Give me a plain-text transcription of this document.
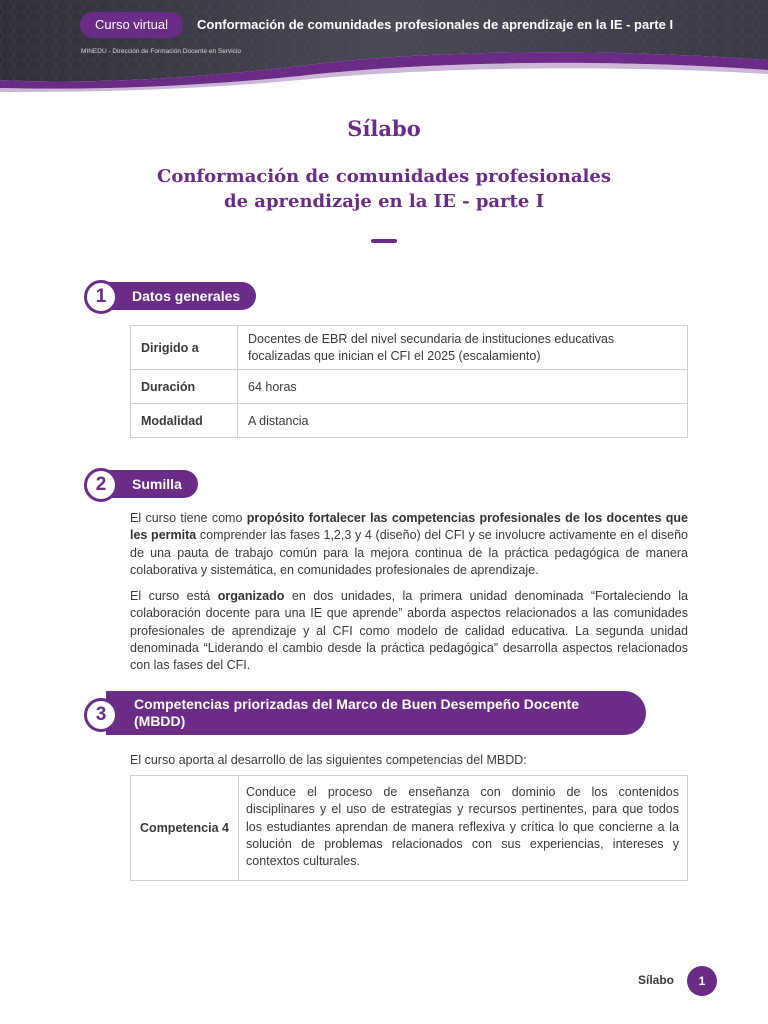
Curso virtual	Conformación de comunidades profesionales de aprendizaje en la IE - parte I
MINEDU - Dirección de Formación Docente en Servicio
Sílabo
Conformación de comunidades profesionales
de aprendizaje en la IE - parte I
1	Datos generales
Dirigido a	Docentes de EBR del nivel secundaria de instituciones educativas focalizadas que inician el CFI el 2025 (escalamiento)
Duración	64 horas
Modalidad	A distancia
2	Sumilla
El curso tiene como propósito fortalecer las competencias profesionales de los docentes que les permita comprender las fases 1,2,3 y 4 (diseño) del CFI y se involucre activamente en el diseño de una pauta de trabajo común para la mejora continua de la práctica pedagógica de manera colaborativa y sistemática, en comunidades profesionales de aprendizaje.
El curso está organizado en dos unidades, la primera unidad denominada “Fortaleciendo la colaboración docente para una IE que aprende” aborda aspectos relacionados a las comunidades profesionales de aprendizaje y al CFI como modelo de calidad educativa. La segunda unidad denominada “Liderando el cambio desde la práctica pedagógica” desarrolla aspectos relacionados con las fases del CFI.
3	Competencias priorizadas del Marco de Buen Desempeño Docente (MBDD)
El curso aporta al desarrollo de las siguientes competencias del MBDD:
Competencia 4	Conduce el proceso de enseñanza con dominio de los contenidos disciplinares y el uso de estrategias y recursos pertinentes, para que todos los estudiantes aprendan de manera reflexiva y crítica lo que concierne a la solución de problemas relacionados con sus experiencias, intereses y contextos culturales.
Sílabo	1
